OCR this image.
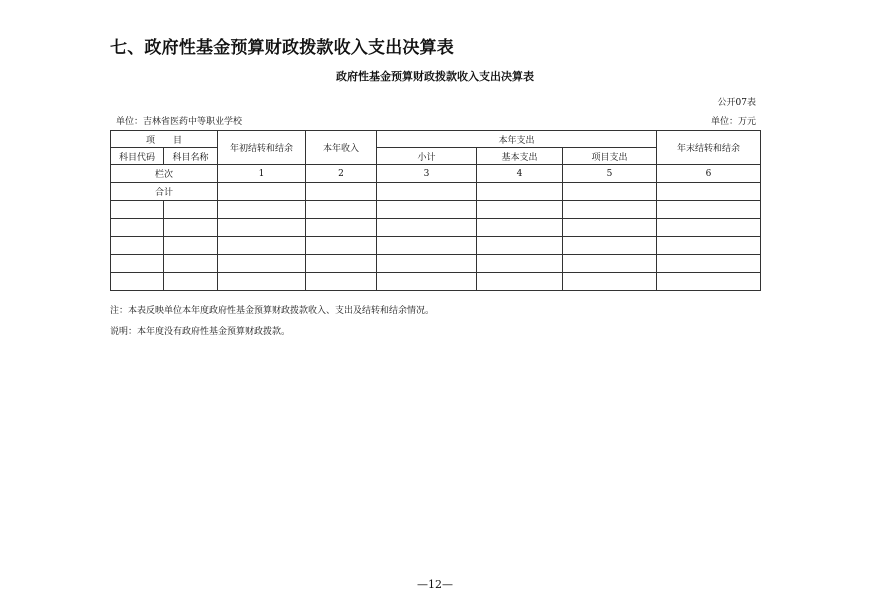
七、政府性基金预算财政拨款收入支出决算表
政府性基金预算财政拨款收入支出决算表
公开07表
单位：吉林省医药中等职业学校	单位：万元
项　　目		年初结转和结余	本年收入	本年支出			年末结转和结余
科目代码	科目名称			小计	基本支出	项目支出	
栏次		1	2	3	4	5	6
合计							

注：本表反映单位本年度政府性基金预算财政拨款收入、支出及结转和结余情况。
说明：本年度没有政府性基金预算财政拨款。
—12—
